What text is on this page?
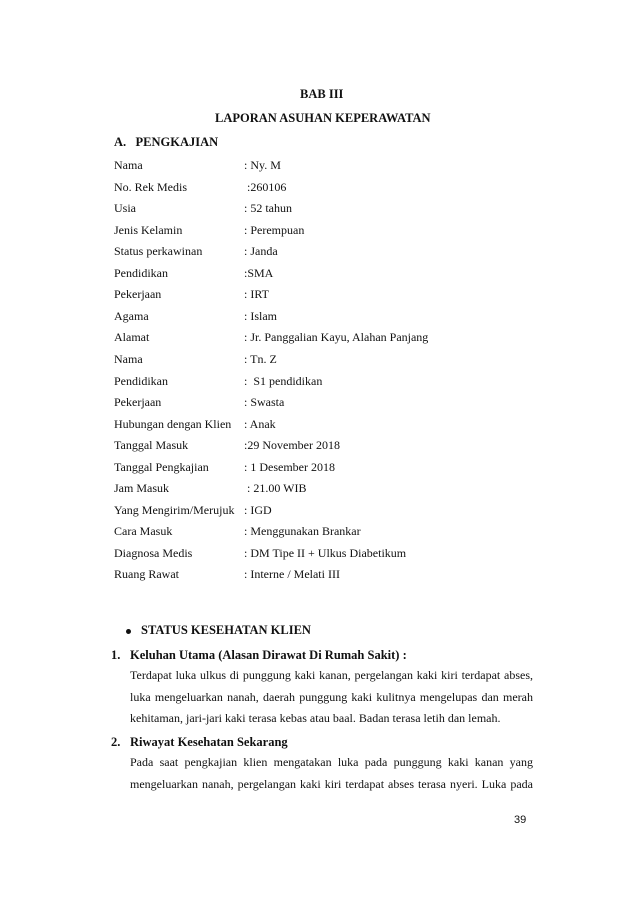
BAB III
LAPORAN ASUHAN KEPERAWATAN
A.   PENGKAJIAN
Nama	: Ny. M
No. Rek Medis	:260106
Usia	: 52 tahun
Jenis Kelamin	: Perempuan
Status perkawinan	: Janda
Pendidikan	:SMA
Pekerjaan	: IRT
Agama	: Islam
Alamat	: Jr. Panggalian Kayu, Alahan Panjang
Nama	: Tn. Z
Pendidikan	:  S1 pendidikan
Pekerjaan	: Swasta
Hubungan dengan Klien : Anak
Tanggal Masuk	:29 November 2018
Tanggal Pengkajian	: 1 Desember 2018
Jam Masuk	: 21.00 WIB
Yang Mengirim/Merujuk : IGD
Cara Masuk	: Menggunakan Brankar
Diagnosa Medis	: DM Tipe II + Ulkus Diabetikum
Ruang Rawat	: Interne / Melati III
STATUS KESEHATAN KLIEN
1. Keluhan Utama (Alasan Dirawat Di Rumah Sakit) :
Terdapat luka ulkus di punggung kaki kanan, pergelangan kaki kiri terdapat abses,
luka mengeluarkan nanah, daerah punggung kaki kulitnya mengelupas dan merah
kehitaman, jari-jari kaki terasa kebas atau baal. Badan terasa letih dan lemah.
2. Riwayat Kesehatan Sekarang
Pada saat pengkajian klien mengatakan luka pada punggung kaki kanan yang
mengeluarkan nanah, pergelangan kaki kiri terdapat abses terasa nyeri. Luka pada
39
